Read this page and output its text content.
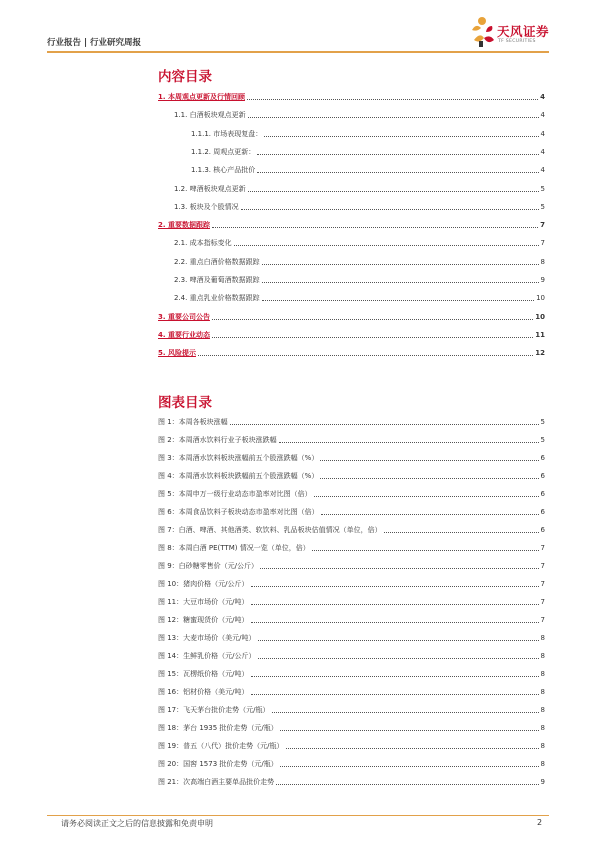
行业报告 | 行业研究周报
天风证券
TF SECURITIES
内容目录
1. 本周观点更新及行情回顾	4
1.1. 白酒板块观点更新	4
1.1.1. 市场表现复盘：	4
1.1.2. 周观点更新：	4
1.1.3. 核心产品批价	4
1.2. 啤酒板块观点更新	5
1.3. 板块及个股情况	5
2. 重要数据跟踪	7
2.1. 成本指标变化	7
2.2. 重点白酒价格数据跟踪	8
2.3. 啤酒及葡萄酒数据跟踪	9
2.4. 重点乳业价格数据跟踪	10
3. 重要公司公告	10
4. 重要行业动态	11
5. 风险提示	12
图表目录
图 1：本周各板块涨幅	5
图 2：本周酒水饮料行业子板块涨跌幅	5
图 3：本周酒水饮料板块涨幅前五个股涨跌幅（%）	6
图 4：本周酒水饮料板块跌幅前五个股涨跌幅（%）	6
图 5：本周申万一级行业动态市盈率对比图（倍）	6
图 6：本周食品饮料子板块动态市盈率对比图（倍）	6
图 7：白酒、啤酒、其他酒类、软饮料、乳品板块估值情况（单位，倍）	6
图 8：本周白酒 PE(TTM) 情况一览（单位，倍）	7
图 9：白砂糖零售价（元/公斤）	7
图 10：猪肉价格（元/公斤）	7
图 11：大豆市场价（元/吨）	7
图 12：糖蜜现货价（元/吨）	7
图 13：大麦市场价（美元/吨）	8
图 14：生鲜乳价格（元/公斤）	8
图 15：瓦楞纸价格（元/吨）	8
图 16：铝材价格（美元/吨）	8
图 17：飞天茅台批价走势（元/瓶）	8
图 18：茅台 1935 批价走势（元/瓶）	8
图 19：普五（八代）批价走势（元/瓶）	8
图 20：国窖 1573 批价走势（元/瓶）	8
图 21：次高端白酒主要单品批价走势	9
请务必阅读正文之后的信息披露和免责申明	2
